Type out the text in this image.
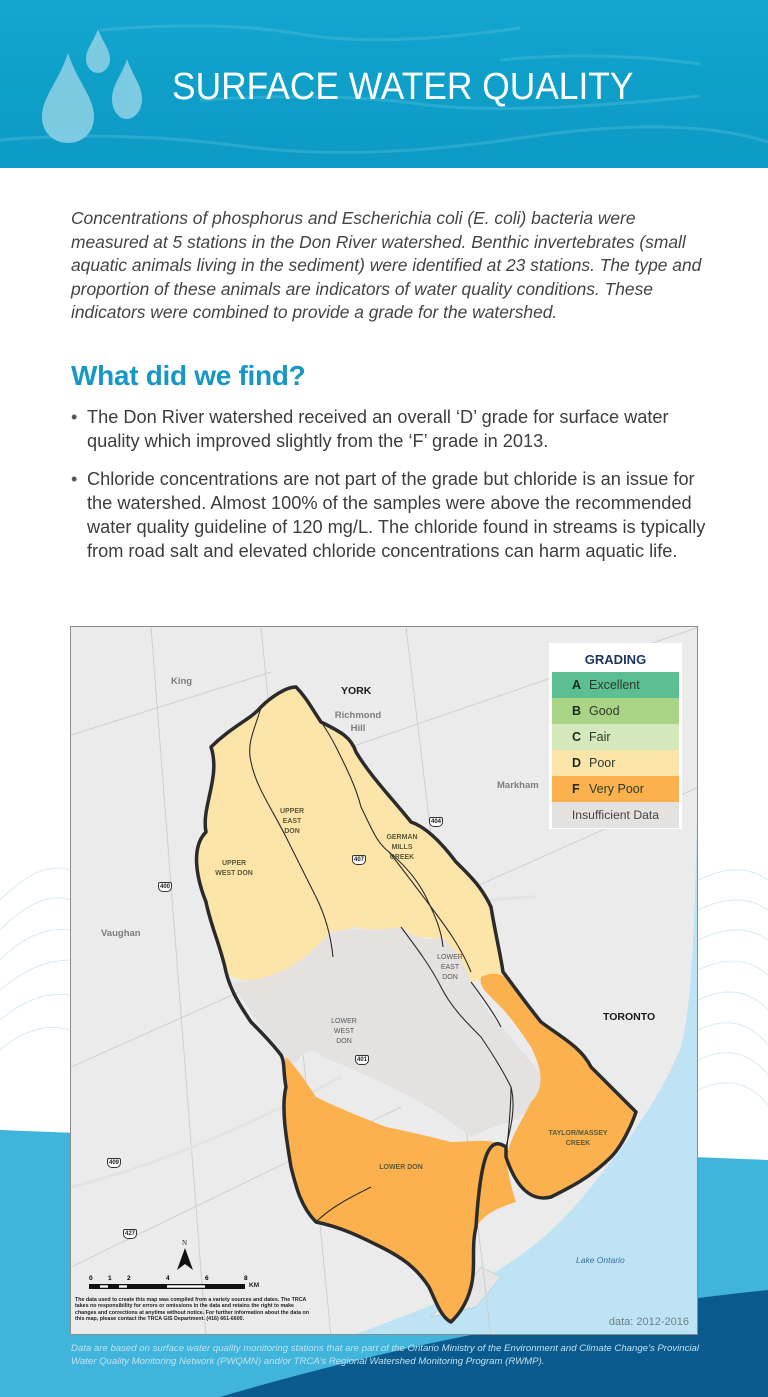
SURFACE WATER QUALITY

Concentrations of phosphorus and Escherichia coli (E. coli) bacteria were measured at 5 stations in the Don River watershed. Benthic invertebrates (small aquatic animals living in the sediment) were identified at 23 stations. The type and proportion of these animals are indicators of water quality conditions. These indicators were combined to provide a grade for the watershed.

What did we find?
• The Don River watershed received an overall ‘D’ grade for surface water quality which improved slightly from the ‘F’ grade in 2013.
• Chloride concentrations are not part of the grade but chloride is an issue for the watershed. Almost 100% of the samples were above the recommended water quality guideline of 120 mg/L. The chloride found in streams is typically from road salt and elevated chloride concentrations can harm aquatic life.
King
YORK
Richmond Hill
Markham
Vaughan
TORONTO
Lake Ontario
UPPER
WEST DON
UPPER
EAST
DON
GERMAN
MILLS
CREEK
LOWER
EAST
DON
LOWER
WEST
DON
TAYLOR/MASSEY
CREEK
LOWER DON
400
404
407
401
409
427
GRADING
A Excellent
B Good
C Fair
D Poor
F Very Poor
Insufficient Data
N
0 1 2	4	6	8
KM
The data used to create this map was compiled from a variety sources and dates. The TRCA takes no responsibility for errors or omissions in the data and retains the right to make changes and corrections at anytime without notice. For further information about the data on this map, please contact the TRCA GIS Department. (416) 661-6600.	data: 2012-2016

Data are based on surface water quality monitoring stations that are part of the Ontario Ministry of the Environment and Climate Change’s Provincial Water Quality Monitoring Network (PWQMN) and/or TRCA’s Regional Watershed Monitoring Program (RWMP).
